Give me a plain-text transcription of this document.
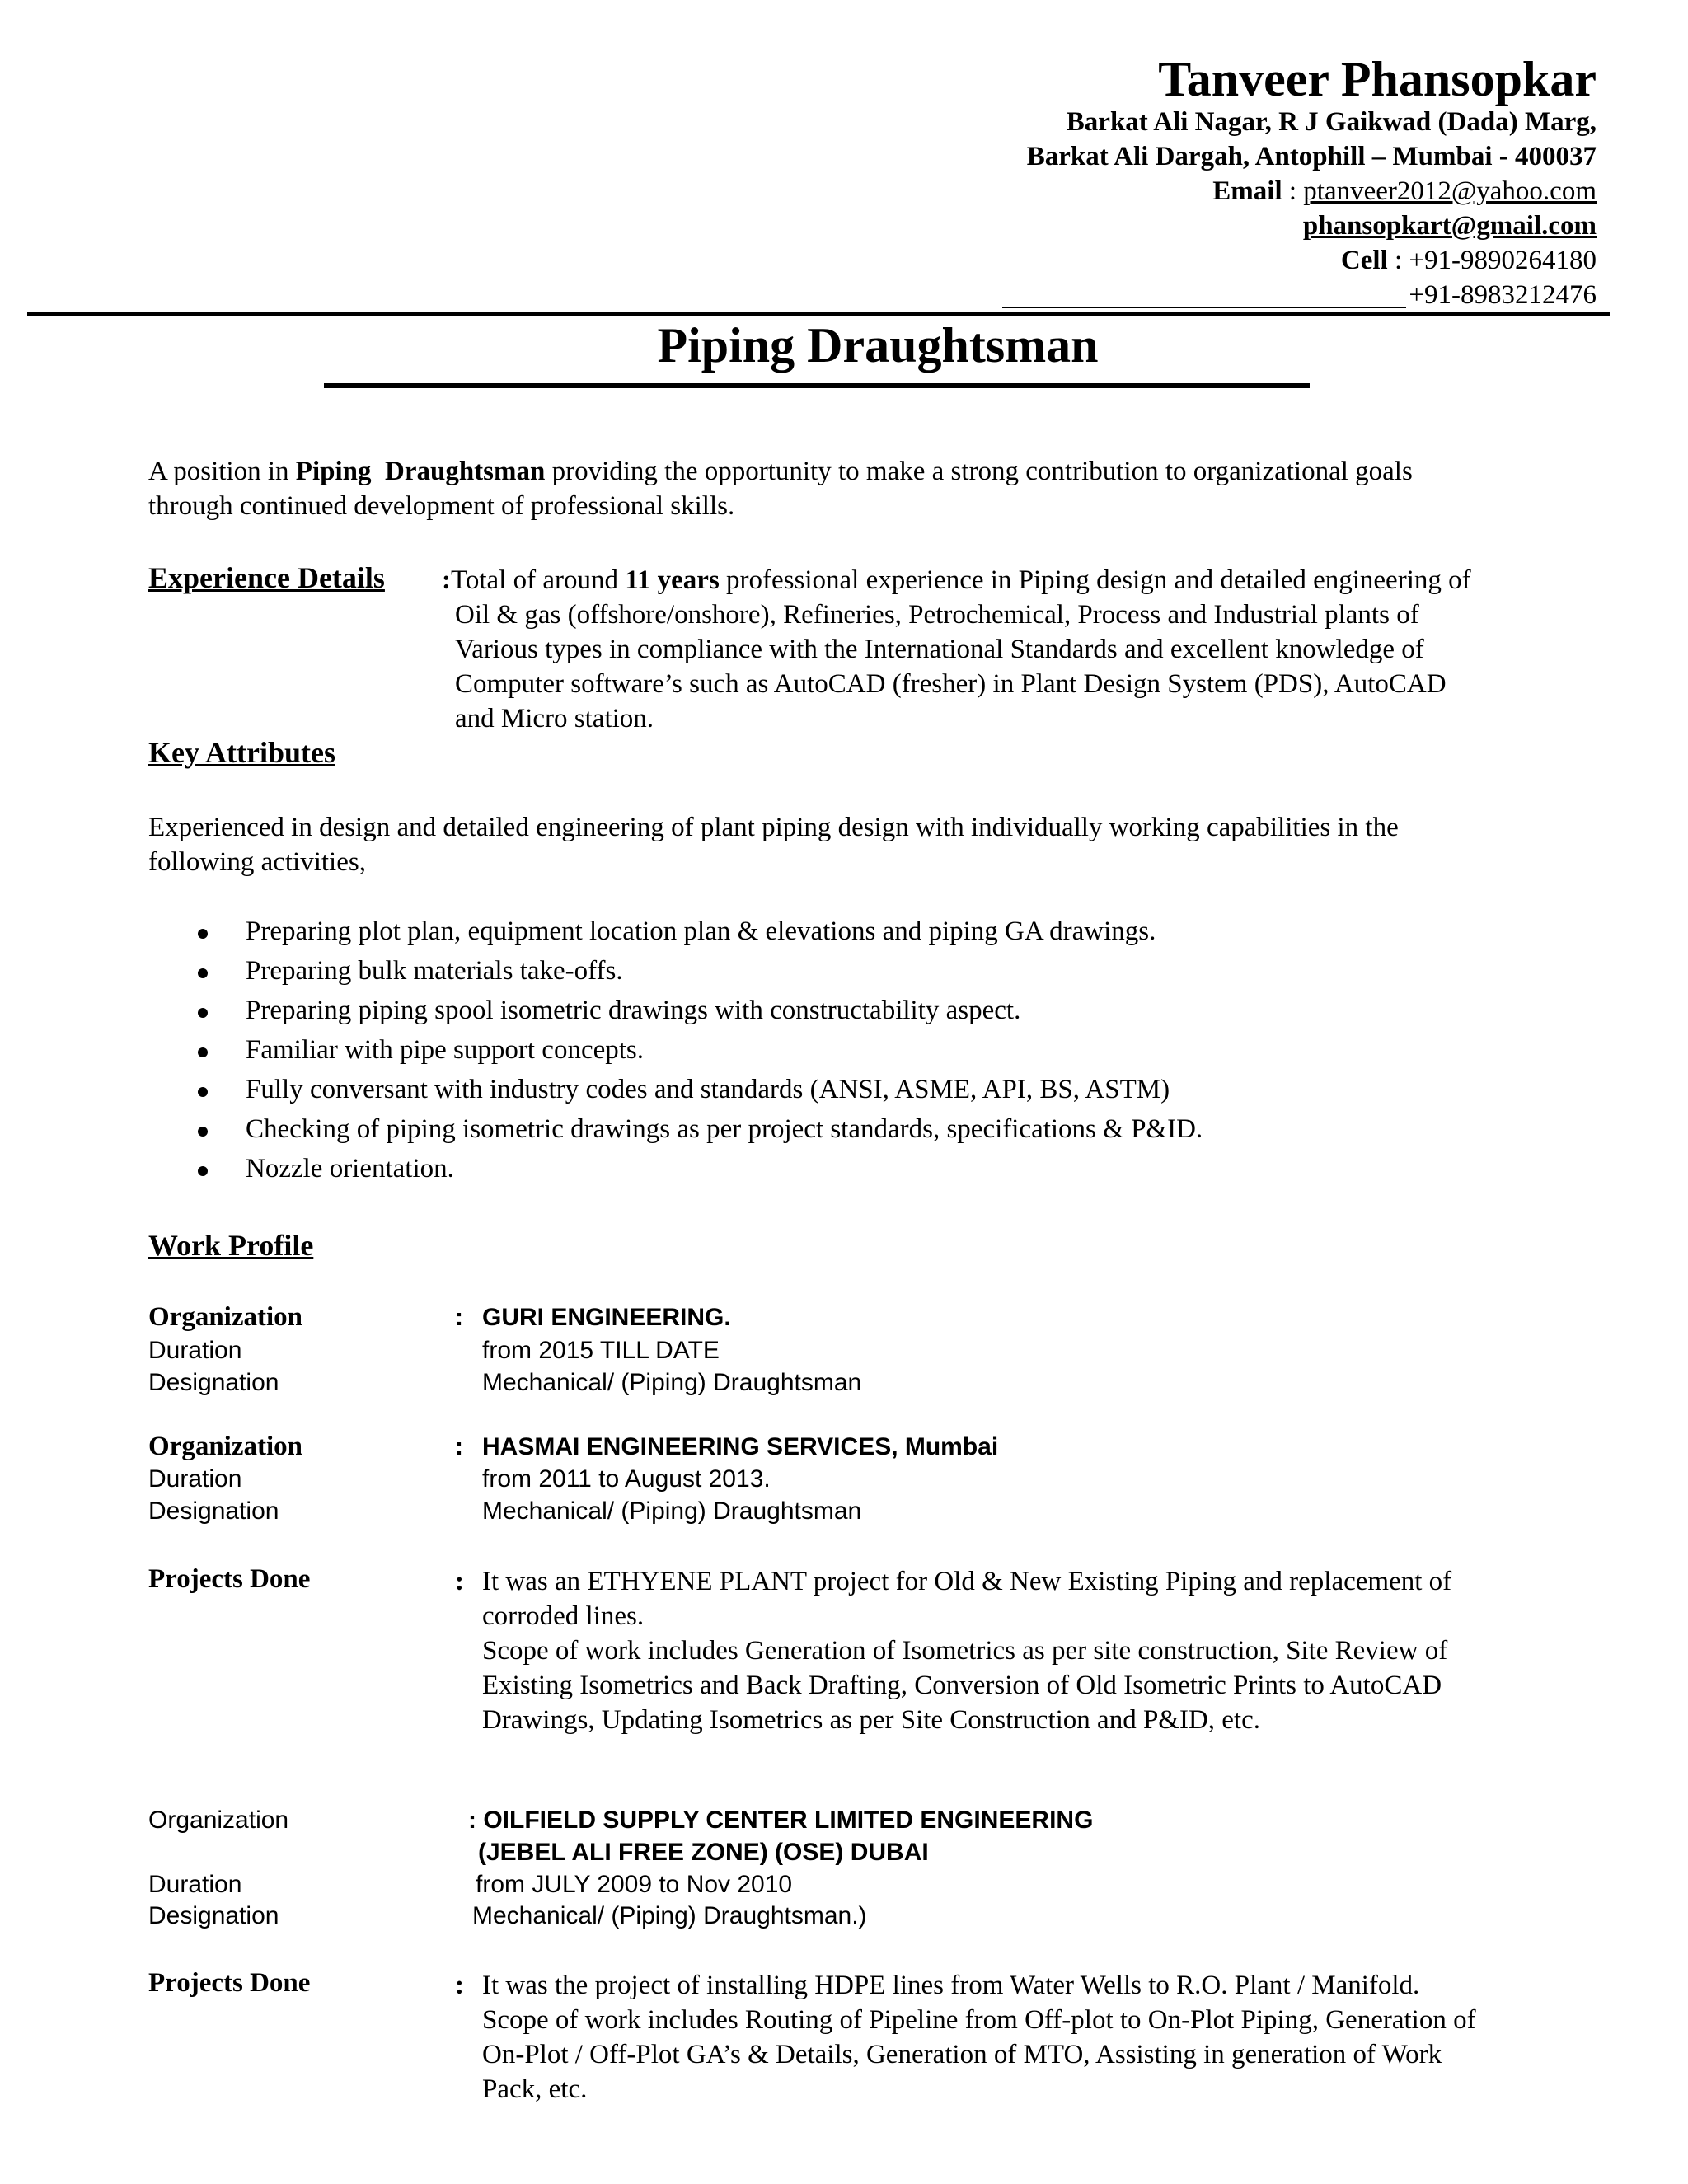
Tanveer Phansopkar
Barkat Ali Nagar, R J Gaikwad (Dada) Marg,
Barkat Ali Dargah, Antophill – Mumbai - 400037
Email : ptanveer2012@yahoo.com
phansopkart@gmail.com
Cell : +91-9890264180
+91-8983212476
Piping Draughtsman
A position in Piping  Draughtsman providing the opportunity to make a strong contribution to organizational goals
through continued development of professional skills.
Experience Details :Total of around 11 years professional experience in Piping design and detailed engineering of
Oil & gas (offshore/onshore), Refineries, Petrochemical, Process and Industrial plants of
Various types in compliance with the International Standards and excellent knowledge of
Computer software’s such as AutoCAD (fresher) in Plant Design System (PDS), AutoCAD
and Micro station.
Key Attributes
Experienced in design and detailed engineering of plant piping design with individually working capabilities in the
following activities,
Preparing plot plan, equipment location plan & elevations and piping GA drawings.
Preparing bulk materials take-offs.
Preparing piping spool isometric drawings with constructability aspect.
Familiar with pipe support concepts.
Fully conversant with industry codes and standards (ANSI, ASME, API, BS, ASTM)
Checking of piping isometric drawings as per project standards, specifications & P&ID.
Nozzle orientation.
Work Profile
Organization	: GURI ENGINEERING.
Duration	from 2015 TILL DATE
Designation	Mechanical/ (Piping) Draughtsman
Organization	: HASMAI ENGINEERING SERVICES, Mumbai
Duration	from 2011 to August 2013.
Designation	Mechanical/ (Piping) Draughtsman
Projects Done	: It was an ETHYENE PLANT project for Old & New Existing Piping and replacement of
corroded lines.
Scope of work includes Generation of Isometrics as per site construction, Site Review of
Existing Isometrics and Back Drafting, Conversion of Old Isometric Prints to AutoCAD
Drawings, Updating Isometrics as per Site Construction and P&ID, etc.
Organization	: OILFIELD SUPPLY CENTER LIMITED ENGINEERING
(JEBEL ALI FREE ZONE) (OSE) DUBAI
Duration	from JULY 2009 to Nov 2010
Designation	Mechanical/ (Piping) Draughtsman.)
Projects Done	: It was the project of installing HDPE lines from Water Wells to R.O. Plant / Manifold.
Scope of work includes Routing of Pipeline from Off-plot to On-Plot Piping, Generation of
On-Plot / Off-Plot GA’s & Details, Generation of MTO, Assisting in generation of Work
Pack, etc.
